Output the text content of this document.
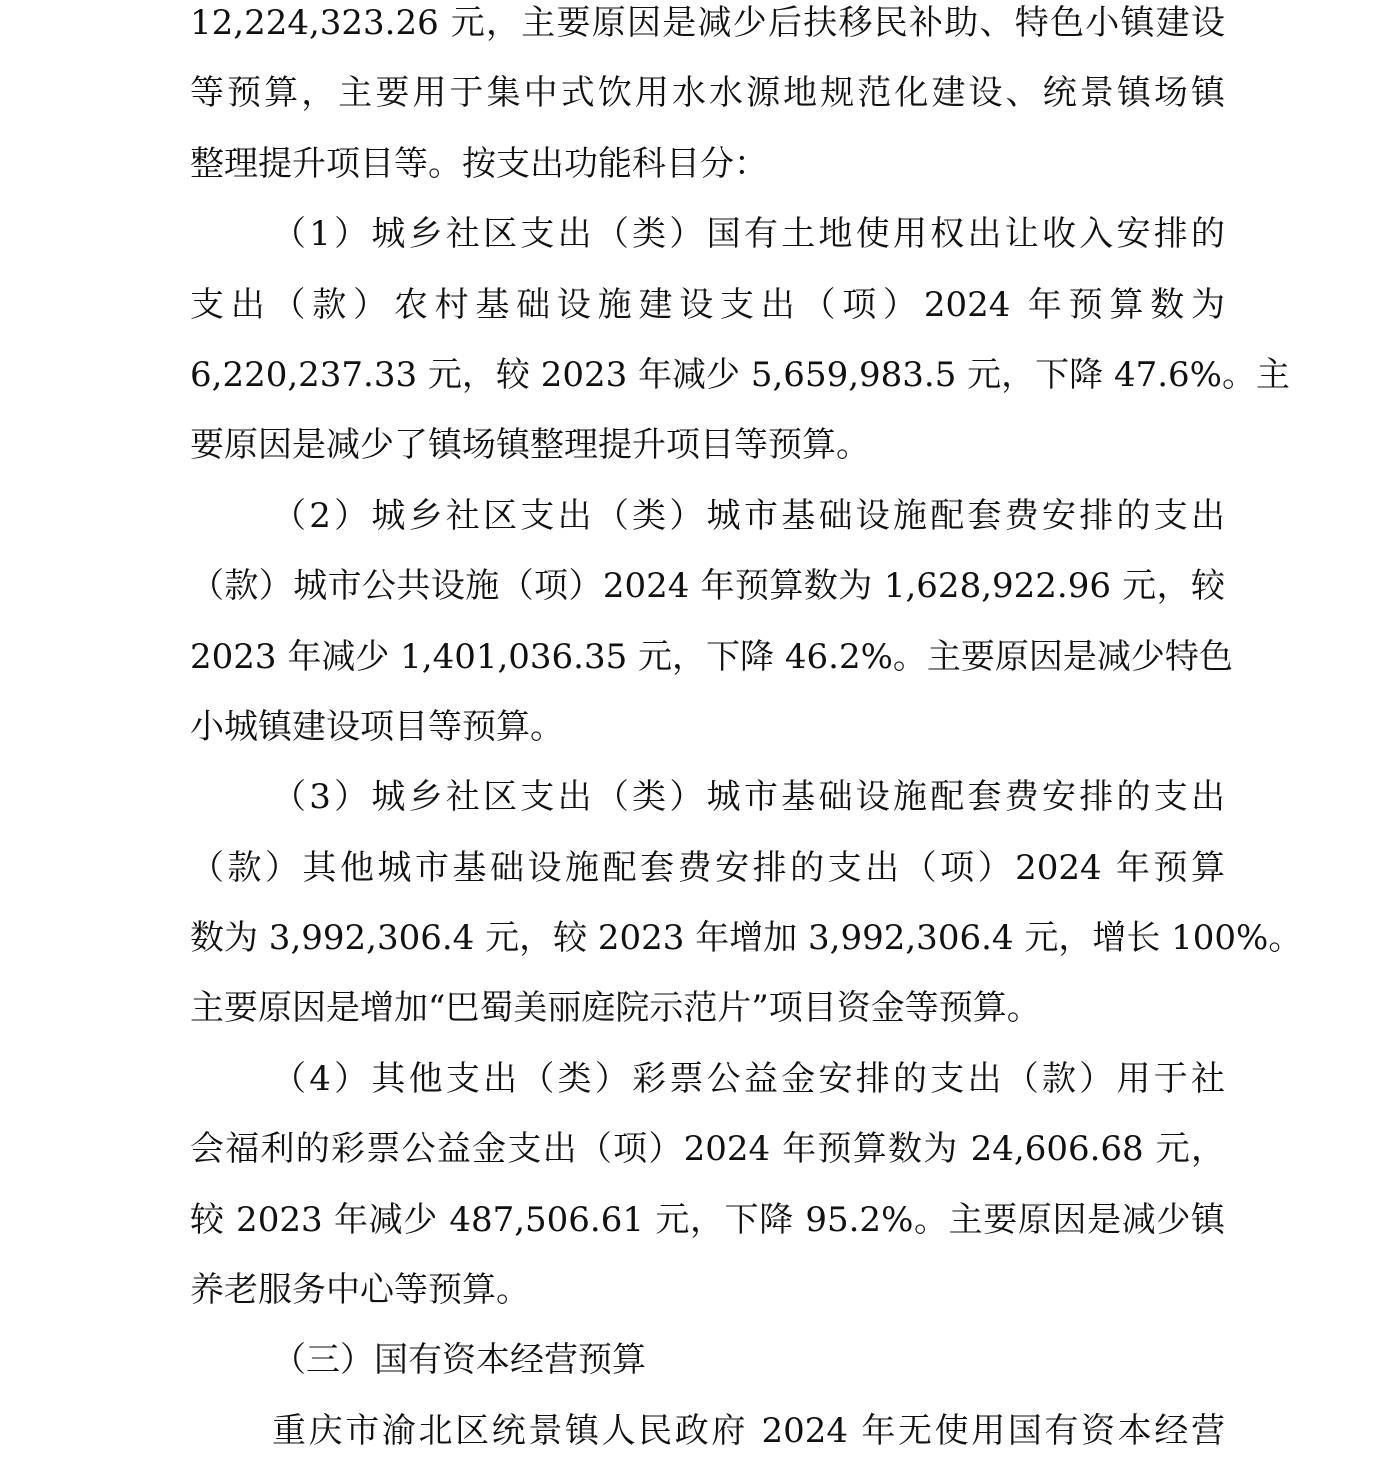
12,224,323.26 元，主要原因是减少后扶移民补助、特色小镇建设
等预算，主要用于集中式饮用水水源地规范化建设、统景镇场镇
整理提升项目等。按支出功能科目分：
（1）城乡社区支出（类）国有土地使用权出让收入安排的
支出（款）农村基础设施建设支出（项）2024 年预算数为
6,220,237.33 元，较 2023 年减少 5,659,983.5 元，下降 47.6%。主
要原因是减少了镇场镇整理提升项目等预算。
（2）城乡社区支出（类）城市基础设施配套费安排的支出
（款）城市公共设施（项）2024 年预算数为 1,628,922.96 元，较
2023 年减少 1,401,036.35 元，下降 46.2%。主要原因是减少特色
小城镇建设项目等预算。
（3）城乡社区支出（类）城市基础设施配套费安排的支出
（款）其他城市基础设施配套费安排的支出（项）2024 年预算
数为 3,992,306.4 元，较 2023 年增加 3,992,306.4 元，增长 100%。
主要原因是增加“巴蜀美丽庭院示范片”项目资金等预算。
（4）其他支出（类）彩票公益金安排的支出（款）用于社
会福利的彩票公益金支出（项）2024 年预算数为 24,606.68 元，
较 2023 年减少 487,506.61 元，下降 95.2%。主要原因是减少镇
养老服务中心等预算。
（三）国有资本经营预算
重庆市渝北区统景镇人民政府 2024 年无使用国有资本经营
